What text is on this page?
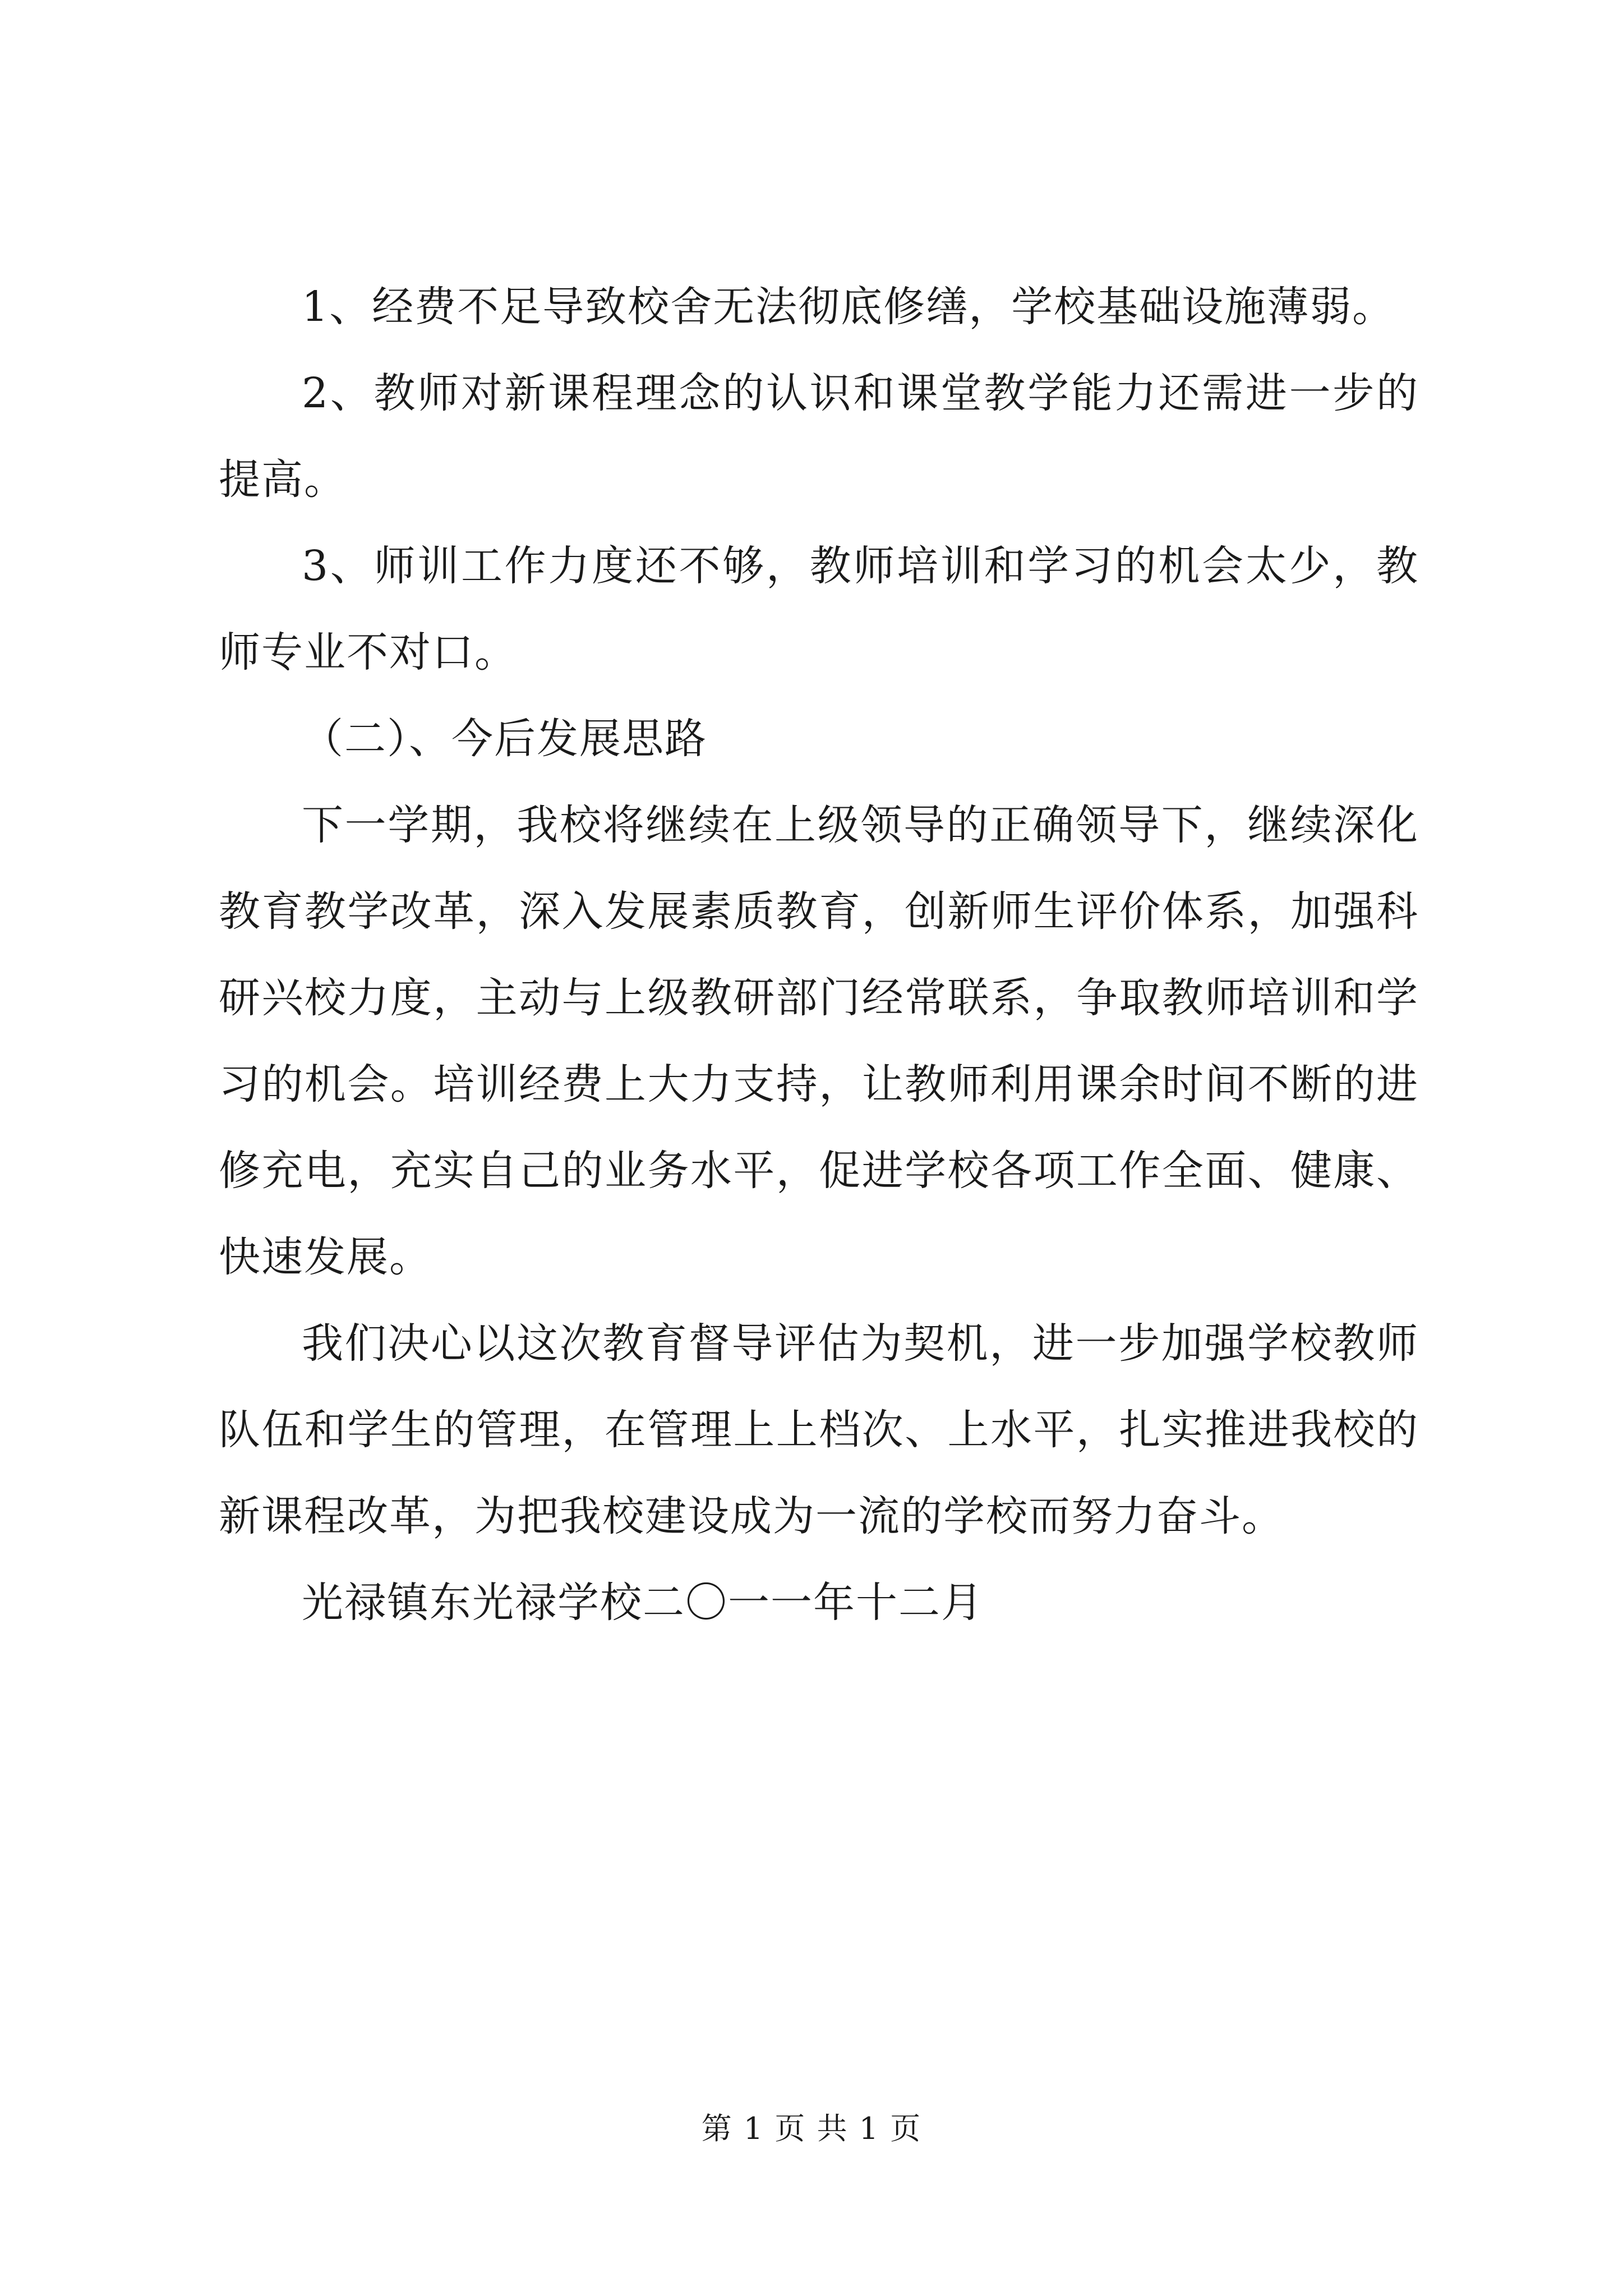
1、经费不足导致校舍无法彻底修缮，学校基础设施薄弱。

2、教师对新课程理念的认识和课堂教学能力还需进一步的提高。

3、师训工作力度还不够，教师培训和学习的机会太少，教师专业不对口。

（二）、今后发展思路

下一学期，我校将继续在上级领导的正确领导下，继续深化教育教学改革，深入发展素质教育，创新师生评价体系，加强科研兴校力度，主动与上级教研部门经常联系，争取教师培训和学习的机会。培训经费上大力支持，让教师利用课余时间不断的进修充电，充实自己的业务水平，促进学校各项工作全面、健康、快速发展。

我们决心以这次教育督导评估为契机，进一步加强学校教师队伍和学生的管理，在管理上上档次、上水平，扎实推进我校的新课程改革，为把我校建设成为一流的学校而努力奋斗。

光禄镇东光禄学校二〇一一年十二月

第 1 页 共 1 页
